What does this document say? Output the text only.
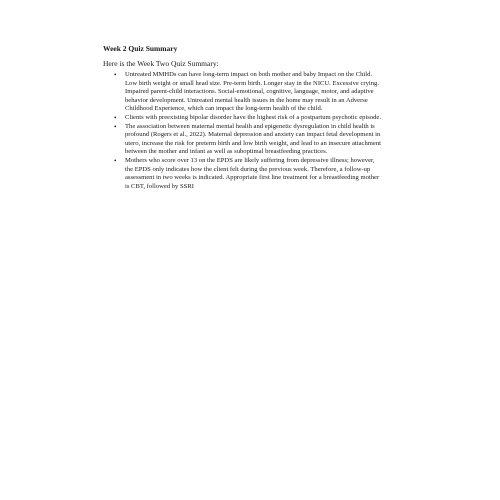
Week 2 Quiz Summary
Here is the Week Two Quiz Summary:
• Untreated MMHDs can have long-term impact on both mother and baby Impact on the Child. Low birth weight or small head size. Pre-term birth. Longer stay in the NICU. Excessive crying. Impaired parent-child interactions. Social-emotional, cognitive, language, motor, and adaptive behavior development. Untreated mental health issues in the home may result in an Adverse Childhood Experience, which can impact the long-term health of the child.
• Clients with preexisting bipolar disorder have the highest risk of a postpartum psychotic episode.
• The association between maternal mental health and epigenetic dysregulation in child health is profound (Rogers et al., 2022). Maternal depression and anxiety can impact fetal development in utero, increase the risk for preterm birth and low birth weight, and lead to an insecure attachment between the mother and infant as well as suboptimal breastfeeding practices.
• Mothers who score over 13 on the EPDS are likely suffering from depressive illness; however, the EPDS only indicates how the client felt during the previous week. Therefore, a follow-up assessment in two weeks is indicated. Appropriate first line treatment for a breastfeeding mother is CBT, followed by SSRI
